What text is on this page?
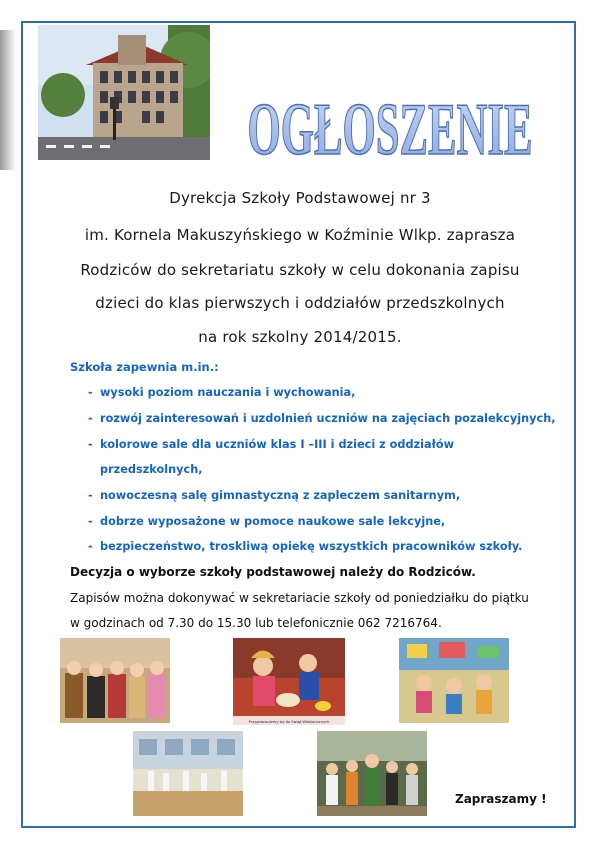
OGŁOSZENIE
Dyrekcja Szkoły Podstawowej nr 3
im. Kornela Makuszyńskiego w Koźminie Wlkp. zaprasza
Rodziców do sekretariatu szkoły w celu dokonania zapisu
dzieci do klas pierwszych i oddziałów przedszkolnych
na rok szkolny 2014/2015.
Szkoła zapewnia m.in.:
- wysoki poziom nauczania i wychowania,
- rozwój zainteresowań i uzdolnień uczniów na zajęciach pozalekcyjnych,
- kolorowe sale dla uczniów klas I –III i dzieci z oddziałów
przedszkolnych,
- nowoczesną salę gimnastyczną z zapleczem sanitarnym,
- dobrze wyposażone w pomoce naukowe sale lekcyjne,
- bezpieczeństwo, troskliwą opiekę wszystkich pracowników szkoły.
Decyzja o wyborze szkoły podstawowej należy do Rodziców.
Zapisów można dokonywać w sekretariacie szkoły od poniedziałku do piątku
w godzinach od 7.30 do 15.30 lub telefonicznie 062 7216764.
Przygotowujemy się do Świąt Wielkanocnych
Zapraszamy !
